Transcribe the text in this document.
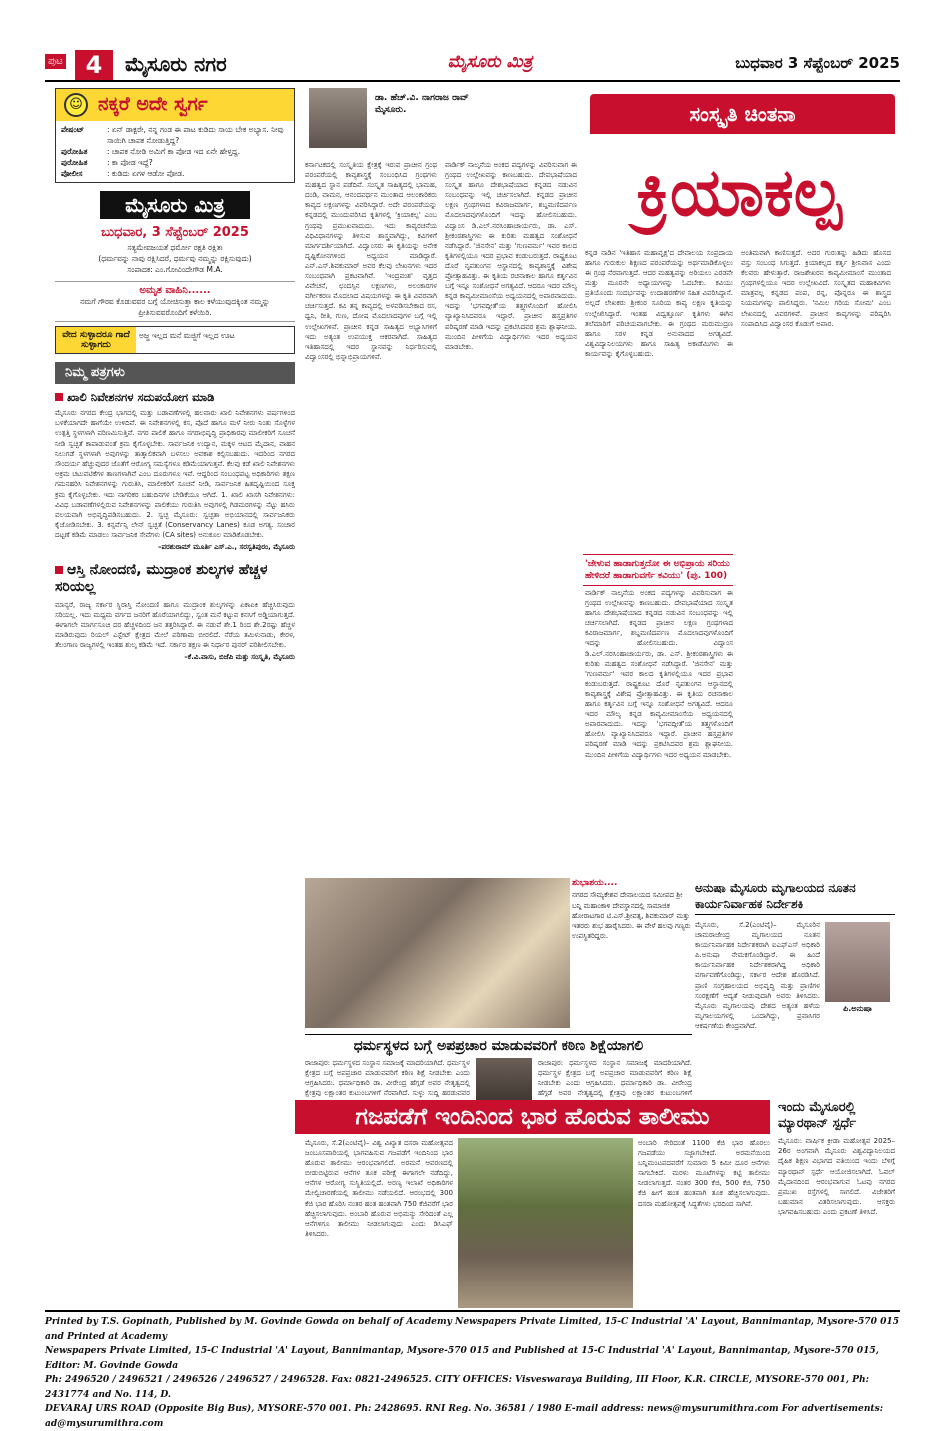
ಪುಟ 4	ಮೈಸೂರು ನಗರ	ಮೈಸೂರು ಮಿತ್ರ	ಬುಧವಾರ 3 ಸೆಪ್ಟೆಂಬರ್ 2025
☺ ನಕ್ಕರೆ ಅದೇ ಸ್ವರ್ಗ
ಪೇಷಂಟ್	: ಏನ್ ಡಾಕ್ಟರೇ, ನನ್ನ ಗಂಡ ಈ ಪಾಟ ಕುಡಿದು ಸಾಯ ಬೇಕ ಅಭ್ಯಾಸ. ನೀವು ಸಾಯಿಗಿ ಚಾಪಕ ನೋಡುತ್ತಿದ್ದ?
ಪುರೋಹಿತ	: ಚಾಪಕ ನೋಡಿ ಅಮಿಗೆ ಕಾ ಪೋಡ ಇದ ಏನೇ ಹೇಳ್ತದ್ದ.
ಪುರೋಹಿತ	: ಕಾ ಪೋಡ ಇದ್ದೆ?
ಪೋಲೀಸ	: ಕುಡಿದು ಏಗಳ ಆಡೋ ಪೋಡ.
ಮೈಸೂರು ಮಿತ್ರ
ಬುಧವಾರ, 3 ಸೆಪ್ಟೆಂಬರ್ 2025
ಸತ್ಯಮೇವಜಯತೆ ಧರ್ಮೋ ರಕ್ಷತಿ ರಕ್ಷಿತಃ
(ಧರ್ಮವನ್ನು ನಾವು ರಕ್ಷಿಸಿದರೆ, ಧರ್ಮವು ನಮ್ಮನ್ನು ರಕ್ಷಿಸುವುದು)
ಸಂಪಾದಕ: ಎಂ.ಗೋವಿಂದೇಗೌಡ M.A.
ಅಮೃತ ವಾಹಿನಿ......

ನಮಗೆ ಗೌರವ ಕೊಡುವವರ ಬಗ್ಗೆ ಯೋಚಿಸುತ್ತಾ ಕಾಲ ಕಳೆಯುವುದಕ್ಕಿಂತ ನಮ್ಮನ್ನು ಪ್ರೀತಿಸುವವರೊಂದಿಗೆ ಕಳೆಯಿರಿ.

ವೇದ ಸುಳ್ಳಾದರೂ ಗಾದೆ ಸುಳ್ಳಾಗದು
ಅಜ್ಜ ಇಲ್ಲದ ಮನೆ ಮಜ್ಜಿಗೆ ಇಲ್ಲದ ಊಟ
ನಿಮ್ಮ ಪತ್ರಗಳು
ಖಾಲಿ ನಿವೇಶನಗಳ ಸದುಪಯೋಗ ಮಾಡಿ
ಮೈಸೂರು ನಗರದ ಕೇಂದ್ರ ಭಾಗದಲ್ಲಿ ಮತ್ತು ಬಡಾವಣೆಗಳಲ್ಲಿ ಹಲವಾರು ಖಾಲಿ ನಿವೇಶನಗಳು ವರ್ಷಗಳಿಂದ ಬಳಕೆಯಾಗದೇ ಹಾಗೆಯೇ ಉಳಿದಿವೆ. ಈ ನಿವೇಶನಗಳಲ್ಲಿ ಕಸ, ಪೊದೆ ಹಾಗೂ ಮಳೆ ನೀರು ನಿಂತು ಸೊಳ್ಳೆಗಳ ಉತ್ಪತ್ತಿ ಸ್ಥಳಗಳಾಗಿ ಪರಿಣಮಿಸುತ್ತಿವೆ. ನಗರ ಪಾಲಿಕೆ ಹಾಗೂ ನಗರಾಭಿವೃದ್ಧಿ ಪ್ರಾಧಿಕಾರವು ಮಾಲೀಕರಿಗೆ ಸೂಚನೆ ನೀಡಿ ಸ್ವಚ್ಛತೆ ಕಾಪಾಡುವಂತೆ ಕ್ರಮ ಕೈಗೊಳ್ಳಬೇಕು. ಸಾರ್ವಜನಿಕ ಉದ್ಯಾನ, ಮಕ್ಕಳ ಆಟದ ಮೈದಾನ, ವಾಹನ ನಿಲುಗಡೆ ಸ್ಥಳಗಳಾಗಿ ಅವುಗಳನ್ನು ತಾತ್ಕಾಲಿಕವಾಗಿ ಬಳಸಲು ಅವಕಾಶ ಕಲ್ಪಿಸಬಹುದು. ಇದರಿಂದ ನಗರದ ಸೌಂದರ್ಯ ಹೆಚ್ಚುವುದರ ಜೊತೆಗೆ ಆರೋಗ್ಯ ಸಮಸ್ಯೆಗಳೂ ಕಡಿಮೆಯಾಗುತ್ತವೆ. ಕೆಲವು ಕಡೆ ಖಾಲಿ ನಿವೇಶನಗಳು ಅಕ್ರಮ ಚಟುವಟಿಕೆಗಳ ತಾಣಗಳಾಗಿವೆ ಎಂಬ ದೂರುಗಳೂ ಇವೆ. ಆದ್ದರಿಂದ ಸಂಬಂಧಪಟ್ಟ ಅಧಿಕಾರಿಗಳು ತಕ್ಷಣ ಗಮನಹರಿಸಿ ನಿವೇಶನಗಳನ್ನು ಗುರುತಿಸಿ, ಮಾಲೀಕರಿಗೆ ಸೂಚನೆ ನೀಡಿ, ಸಾರ್ವಜನಿಕ ಹಿತದೃಷ್ಟಿಯಿಂದ ಸೂಕ್ತ ಕ್ರಮ ಕೈಗೊಳ್ಳಬೇಕು. ಇದು ನಾಗರಿಕರ ಬಹುದಿನಗಳ ಬೇಡಿಕೆಯೂ ಆಗಿದೆ. 1. ಖಾಲಿ ಖಾಸಗಿ ನಿವೇಶನಗಳು: ವಿವಿಧ ಬಡಾವಣೆಗಳಲ್ಲಿರುವ ನಿವೇಶನಗಳನ್ನು ಪಾಲಿಕೆಯು ಗುರುತಿಸಿ ಅವುಗಳಲ್ಲಿ ಗಿಡಮರಗಳನ್ನು ನೆಟ್ಟು ಹಸಿರು ವಲಯವಾಗಿ ಅಭಿವೃದ್ಧಿಪಡಿಸಬಹುದು. 2. ಸ್ವಚ್ಛ ಮೈಸೂರು: ಸ್ವಚ್ಛತಾ ಅಭಿಯಾನದಲ್ಲಿ ಸಾರ್ವಜನಿಕರು ಕೈಜೋಡಿಸಬೇಕು. 3. ಕನ್ಸರ್ವೆನ್ಸಿ ಲೇನ್ ಸ್ವಚ್ಛತೆ (Conservancy Lanes) ಕೂಡ ಅಗತ್ಯ. ಸಂಚಾರ ದಟ್ಟಣೆ ಕಡಿಮೆ ಮಾಡಲು ಸಾರ್ವಜನಿಕ ಸೇವೆಗಳು (CA sites) ಅನುಕೂಲ ಮಾಡಿಕೊಡಬೇಕು.
–ಪರಶುರಾಮ್ ಮೂರ್ತಿ ಎಸ್.ಎ., ಸರಸ್ವತಿಪುರಂ, ಮೈಸೂರು
ಆಸ್ತಿ ನೋಂದಣಿ, ಮುದ್ರಾಂಕ ಶುಲ್ಕಗಳ ಹೆಚ್ಚಳ ಸರಿಯಲ್ಲ
ಮಾನ್ಯರೆ, ರಾಜ್ಯ ಸರ್ಕಾರ ಸ್ಥಿರಾಸ್ತಿ ನೋಂದಣಿ ಹಾಗೂ ಮುದ್ರಾಂಕ ಶುಲ್ಕಗಳನ್ನು ಏಕಾಏಕಿ ಹೆಚ್ಚಿಸಿರುವುದು ಸರಿಯಲ್ಲ. ಇದು ಮಧ್ಯಮ ವರ್ಗದ ಜನರಿಗೆ ಹೊರೆಯಾಗಲಿದ್ದು, ಸ್ವಂತ ಮನೆ ಕಟ್ಟುವ ಕನಸಿಗೆ ಅಡ್ಡಿಯಾಗುತ್ತದೆ. ಈಗಾಗಲೇ ಮಾರ್ಗಸೂಚಿ ದರ ಹೆಚ್ಚಳದಿಂದ ಜನ ತತ್ತರಿಸಿದ್ದಾರೆ. ಈ ನಡುವೆ ಶೇ.1 ರಿಂದ ಶೇ.2ರಷ್ಟು ಹೆಚ್ಚಳ ಮಾಡಿರುವುದು ರಿಯಲ್ ಎಸ್ಟೇಟ್ ಕ್ಷೇತ್ರದ ಮೇಲೆ ಪರಿಣಾಮ ಬೀರಲಿದೆ. ನೆರೆಯ ತಮಿಳುನಾಡು, ಕೇರಳ, ತೆಲಂಗಾಣ ರಾಜ್ಯಗಳಲ್ಲಿ ಇಂತಹ ಶುಲ್ಕ ಕಡಿಮೆ ಇದೆ. ಸರ್ಕಾರ ತಕ್ಷಣ ಈ ನಿರ್ಧಾರ ಪುನರ್ ಪರಿಶೀಲಿಸಬೇಕು.
–ಕೆ.ವಿ.ವಾಸು, ಬಿಜೆಪಿ ಮತ್ತು ಸಂಸ್ಕೃತಿ, ಮೈಸೂರು
ಡಾ. ಹೆಚ್.ವಿ. ನಾಗರಾಜ ರಾವ್
ಮೈಸೂರು.	ಸಂಸ್ಕೃತಿ ಚಿಂತನಾ
ಕ್ರಿಯಾಕಲ್ಪ
ಕರ್ನಾಟಕದಲ್ಲಿ ಸಂಸ್ಕೃತಿಯ ಕ್ಷೇತ್ರಕ್ಕೆ ಇರುವ ಪ್ರಾಚೀನ ಗ್ರಂಥ ಪರಂಪರೆಯಲ್ಲಿ ಕಾವ್ಯಶಾಸ್ತ್ರಕ್ಕೆ ಸಂಬಂಧಿಸಿದ ಗ್ರಂಥಗಳು ಮಹತ್ವದ ಸ್ಥಾನ ಪಡೆದಿವೆ. ಸಂಸ್ಕೃತ ಸಾಹಿತ್ಯದಲ್ಲಿ ಭಾಮಹ, ದಂಡಿ, ವಾಮನ, ಆನಂದವರ್ಧನ ಮುಂತಾದ ಆಲಂಕಾರಿಕರು ಕಾವ್ಯದ ಲಕ್ಷಣಗಳನ್ನು ವಿವರಿಸಿದ್ದಾರೆ. ಅದೇ ಪರಂಪರೆಯನ್ನು ಕನ್ನಡದಲ್ಲಿ ಮುಂದುವರಿಸಿದ ಕೃತಿಗಳಲ್ಲಿ 'ಕ್ರಿಯಾಕಲ್ಪ' ಎಂಬ ಗ್ರಂಥವು ಪ್ರಮುಖವಾದುದು. ಇದು ಕಾವ್ಯರಚನೆಯ ವಿಧಿವಿಧಾನಗಳನ್ನು ತಿಳಿಸುವ ಶಾಸ್ತ್ರವಾಗಿದ್ದು, ಕವಿಗಳಿಗೆ ಮಾರ್ಗದರ್ಶಿಯಾಗಿದೆ. ವಿದ್ವಾಂಸರು ಈ ಕೃತಿಯನ್ನು ಅನೇಕ ದೃಷ್ಟಿಕೋನಗಳಿಂದ ಅಧ್ಯಯನ ಮಾಡಿದ್ದಾರೆ. ಎನ್.ಎಸ್.ಶಿವಕುಮಾರ್ ಅವರ ಕೆಲವು ಲೇಖನಗಳು ಇದರ ಸಂಬಂಧವಾಗಿ ಪ್ರಕಟವಾಗಿವೆ. 'ಇಂದ್ರವಂಶ' ವೃತ್ತದ ವಿವೇಚನೆ, ಛಂದಸ್ಸಿನ ಲಕ್ಷಣಗಳು, ಅಲಂಕಾರಗಳ ವರ್ಗೀಕರಣ ಮೊದಲಾದ ವಿಷಯಗಳನ್ನು ಈ ಕೃತಿ ವಿವರವಾಗಿ ಚರ್ಚಿಸುತ್ತದೆ. ಕವಿ ತನ್ನ ಕಾವ್ಯದಲ್ಲಿ ಅಳವಡಿಸಬೇಕಾದ ರಸ, ಧ್ವನಿ, ರೀತಿ, ಗುಣ, ದೋಷ ಮೊದಲಾದವುಗಳ ಬಗ್ಗೆ ಇಲ್ಲಿ ಉಲ್ಲೇಖಗಳಿವೆ. ಪ್ರಾಚೀನ ಕನ್ನಡ ಸಾಹಿತ್ಯದ ಅಭ್ಯಾಸಿಗಳಿಗೆ ಇದು ಅತ್ಯಂತ ಉಪಯುಕ್ತ ಆಕರವಾಗಿದೆ. ಸಾಹಿತ್ಯದ ಇತಿಹಾಸದಲ್ಲಿ ಇದರ ಸ್ಥಾನವನ್ನು ನಿರ್ಧರಿಸುವಲ್ಲಿ ವಿದ್ವಾಂಸರಲ್ಲಿ ಭಿನ್ನಾಭಿಪ್ರಾಯಗಳಿವೆ.
ವಾರ್ಡಿಕ್ ನಾಲ್ಕನೆಯ ಅಂಕದ ಪದ್ಯಗಳನ್ನು ವಿವರಿಸುವಾಗ ಈ ಗ್ರಂಥದ ಉಲ್ಲೇಖವನ್ನು ಕಾಣಬಹುದು. ದೇವಭಾಷೆಯಾದ ಸಂಸ್ಕೃತ ಹಾಗೂ ದೇಶಭಾಷೆಯಾದ ಕನ್ನಡದ ನಡುವಿನ ಸಂಬಂಧವನ್ನು ಇಲ್ಲಿ ಚರ್ಚಿಸಲಾಗಿದೆ. ಕನ್ನಡದ ಪ್ರಾಚೀನ ಲಕ್ಷಣ ಗ್ರಂಥಗಳಾದ ಕವಿರಾಜಮಾರ್ಗ, ಶಬ್ದಮಣಿದರ್ಪಣ ಮೊದಲಾದವುಗಳೊಂದಿಗೆ ಇದನ್ನು ಹೋಲಿಸಬಹುದು. ವಿದ್ವಾಂಸ ಡಿ.ಎಲ್.ನರಸಿಂಹಾಚಾರ್ಯರು, ಡಾ. ಎಸ್. ಶ್ರೀಕಂಠಶಾಸ್ತ್ರಿಗಳು ಈ ಕುರಿತು ಮಹತ್ವದ ಸಂಶೋಧನೆ ನಡೆಸಿದ್ದಾರೆ. 'ಜಿನಸೇನ' ಮತ್ತು 'ಗುಣವರ್ಮ' ಇವರ ಕಾಲದ ಕೃತಿಗಳಲ್ಲಿಯೂ ಇದರ ಪ್ರಭಾವ ಕಂಡುಬರುತ್ತದೆ. ರಾಷ್ಟ್ರಕೂಟ ದೊರೆ ನೃಪತುಂಗನ ಆಸ್ಥಾನದಲ್ಲಿ ಕಾವ್ಯಶಾಸ್ತ್ರಕ್ಕೆ ವಿಶೇಷ ಪ್ರೋತ್ಸಾಹವಿತ್ತು. ಈ ಕೃತಿಯ ರಚನಾಕಾಲ ಹಾಗೂ ಕರ್ತೃವಿನ ಬಗ್ಗೆ ಇನ್ನೂ ಸಂಶೋಧನೆ ಅಗತ್ಯವಿದೆ. ಆದರೂ ಇದರ ಮೌಲ್ಯ ಕನ್ನಡ ಕಾವ್ಯಮೀಮಾಂಸೆಯ ಅಧ್ಯಯನದಲ್ಲಿ ಅಪಾರವಾದುದು. ಇದನ್ನು 'ಭಗವದ್ಗೀತೆ'ಯ ತತ್ತ್ವಗಳೊಂದಿಗೆ ಹೋಲಿಸಿ ವ್ಯಾಖ್ಯಾನಿಸಿದವರೂ ಇದ್ದಾರೆ. ಪ್ರಾಚೀನ ಹಸ್ತಪ್ರತಿಗಳ ಪರಿಷ್ಕರಣೆ ಮಾಡಿ ಇದನ್ನು ಪ್ರಕಟಿಸಿದವರ ಶ್ರಮ ಶ್ಲಾಘನೀಯ. ಮುಂದಿನ ಪೀಳಿಗೆಯ ವಿದ್ಯಾರ್ಥಿಗಳು ಇದರ ಅಧ್ಯಯನ ಮಾಡಬೇಕು.
ಕನ್ನಡ ನಾಡಿನ 'ಇತಿಹಾಸ ಮಹಾವೃಕ್ಷ'ದ ದೇವಾಲಯ ಸಂಪ್ರದಾಯ ಹಾಗೂ ಗುರುಕುಲ ಶಿಕ್ಷಣದ ಪರಂಪರೆಯನ್ನು ಅರ್ಥಮಾಡಿಕೊಳ್ಳಲು ಈ ಗ್ರಂಥ ನೆರವಾಗುತ್ತದೆ. ಆದರ ಮಹತ್ವವನ್ನು ಅರಿಯಲು ಎರಡನೇ ಮತ್ತು ಮೂರನೇ ಅಧ್ಯಾಯಗಳನ್ನು ಓದಬೇಕು. ಕವಿಯು ಪ್ರತಿಯೊಂದು ಸಂದರ್ಭವನ್ನು ಉದಾಹರಣೆಗಳ ಸಹಿತ ವಿವರಿಸಿದ್ದಾನೆ. ಅಲ್ಲದೆ ಲೇಖಕರು ಶ್ರೀಕಂಠ ಸೂರಿಯ ಕಾವ್ಯ ಲಕ್ಷಣ ಕೃತಿಯನ್ನು ಉಲ್ಲೇಖಿಸಿದ್ದಾರೆ. ಇಂತಹ ವಿದ್ವತ್ತೂರ್ಣ ಕೃತಿಗಳು ಈಗಿನ ತಲೆಮಾರಿಗೆ ಪರಿಚಯವಾಗಬೇಕು. ಈ ಗ್ರಂಥದ ಮರುಮುದ್ರಣ ಹಾಗೂ ಸರಳ ಕನ್ನಡ ಅನುವಾದದ ಅಗತ್ಯವಿದೆ. ವಿಶ್ವವಿದ್ಯಾನಿಲಯಗಳು ಹಾಗೂ ಸಾಹಿತ್ಯ ಅಕಾಡೆಮಿಗಳು ಈ ಕಾರ್ಯವನ್ನು ಕೈಗೊಳ್ಳಬಹುದು.
ಅಂತಿಮವಾಗಿ ಕಾಣಿಸುತ್ತದೆ. ಅದರ ಗುರುತನ್ನು ಹಿಡಿದು ಹೊಸದ ವಸ್ತು ಸಂಬಂಧ ಸಿಗುತ್ತದೆ. ಕ್ರಿಯಾಕಲ್ಪದ ಕರ್ತೃ ಶ್ರೀನಿವಾಸ ಎಂದು ಕೆಲವರು ಹೇಳುತ್ತಾರೆ. ರಾಜಶೇಖರನ ಕಾವ್ಯಮೀಮಾಂಸೆ ಮುಂತಾದ ಗ್ರಂಥಗಳಲ್ಲಿಯೂ ಇದರ ಉಲ್ಲೇಖವಿದೆ. ಸಂಸ್ಕೃತದ ಮಹಾಕವಿಗಳು ಮಾತ್ರವಲ್ಲ ಕನ್ನಡದ ಪಂಪ, ರನ್ನ, ಪೊನ್ನರೂ ಈ ಶಾಸ್ತ್ರದ ನಿಯಮಗಳನ್ನು ಪಾಲಿಸಿದ್ದರು. 'ನಮಿಲ ಗರಿಯ ಸೋಮ' ಎಂಬ ಲೇಖನದಲ್ಲಿ ವಿವರಗಳಿವೆ. ಪ್ರಾಚೀನ ಕಾವ್ಯಗಳನ್ನು ಪರಿಷ್ಕರಿಸಿ ಸಂಪಾದಿಸಿದ ವಿದ್ವಾಂಸರ ಕೊಡುಗೆ ಅಪಾರ.
'ಜೇಳುವ ಹಾಡಾಗುತ್ತದೋ ಈ ಅಭಿಪ್ರಾಯ ಸರಿಯು ಹೇಳಿದರೆ ಹಾಡಾಗುವರ್ಗೆ ಕವಿಯು' (ಪು. 100)
ವಾರ್ಡಿಕ್ ನಾಲ್ಕನೆಯ ಅಂಕದ ಪದ್ಯಗಳನ್ನು ವಿವರಿಸುವಾಗ ಈ ಗ್ರಂಥದ ಉಲ್ಲೇಖವನ್ನು ಕಾಣಬಹುದು. ದೇವಭಾಷೆಯಾದ ಸಂಸ್ಕೃತ ಹಾಗೂ ದೇಶಭಾಷೆಯಾದ ಕನ್ನಡದ ನಡುವಿನ ಸಂಬಂಧವನ್ನು ಇಲ್ಲಿ ಚರ್ಚಿಸಲಾಗಿದೆ. ಕನ್ನಡದ ಪ್ರಾಚೀನ ಲಕ್ಷಣ ಗ್ರಂಥಗಳಾದ ಕವಿರಾಜಮಾರ್ಗ, ಶಬ್ದಮಣಿದರ್ಪಣ ಮೊದಲಾದವುಗಳೊಂದಿಗೆ ಇದನ್ನು ಹೋಲಿಸಬಹುದು. ವಿದ್ವಾಂಸ ಡಿ.ಎಲ್.ನರಸಿಂಹಾಚಾರ್ಯರು, ಡಾ. ಎಸ್. ಶ್ರೀಕಂಠಶಾಸ್ತ್ರಿಗಳು ಈ ಕುರಿತು ಮಹತ್ವದ ಸಂಶೋಧನೆ ನಡೆಸಿದ್ದಾರೆ. 'ಜಿನಸೇನ' ಮತ್ತು 'ಗುಣವರ್ಮ' ಇವರ ಕಾಲದ ಕೃತಿಗಳಲ್ಲಿಯೂ ಇದರ ಪ್ರಭಾವ ಕಂಡುಬರುತ್ತದೆ. ರಾಷ್ಟ್ರಕೂಟ ದೊರೆ ನೃಪತುಂಗನ ಆಸ್ಥಾನದಲ್ಲಿ ಕಾವ್ಯಶಾಸ್ತ್ರಕ್ಕೆ ವಿಶೇಷ ಪ್ರೋತ್ಸಾಹವಿತ್ತು. ಈ ಕೃತಿಯ ರಚನಾಕಾಲ ಹಾಗೂ ಕರ್ತೃವಿನ ಬಗ್ಗೆ ಇನ್ನೂ ಸಂಶೋಧನೆ ಅಗತ್ಯವಿದೆ. ಆದರೂ ಇದರ ಮೌಲ್ಯ ಕನ್ನಡ ಕಾವ್ಯಮೀಮಾಂಸೆಯ ಅಧ್ಯಯನದಲ್ಲಿ ಅಪಾರವಾದುದು. ಇದನ್ನು 'ಭಗವದ್ಗೀತೆ'ಯ ತತ್ತ್ವಗಳೊಂದಿಗೆ ಹೋಲಿಸಿ ವ್ಯಾಖ್ಯಾನಿಸಿದವರೂ ಇದ್ದಾರೆ. ಪ್ರಾಚೀನ ಹಸ್ತಪ್ರತಿಗಳ ಪರಿಷ್ಕರಣೆ ಮಾಡಿ ಇದನ್ನು ಪ್ರಕಟಿಸಿದವರ ಶ್ರಮ ಶ್ಲಾಘನೀಯ. ಮುಂದಿನ ಪೀಳಿಗೆಯ ವಿದ್ಯಾರ್ಥಿಗಳು ಇದರ ಅಧ್ಯಯನ ಮಾಡಬೇಕು.
ಶುಭಾಶಯ....
ನಗರದ ಸೌಮ್ಯಕೇಶವ ದೇವಾಲಯದ ಸಮೀಪದ ಶ್ರೀ ಬನ್ನಿ ಮಹಾಂಕಾಳಿ ದೇವಸ್ಥಾನದಲ್ಲಿ ಸಾಮಾಜಿಕ ಹೋರಾಟಗಾರ ಟಿ.ಎಸ್.ಶ್ರೀವತ್ಸ, ಶಿವಕುಮಾರ್ ಮತ್ತು ಇತರರು ಶುಭ ಹಾರೈಸಿದರು. ಈ ವೇಳೆ ಹಲವು ಗಣ್ಯರು ಉಪಸ್ಥಿತರಿದ್ದರು.
ಧರ್ಮಸ್ಥಳದ ಬಗ್ಗೆ ಅಪಪ್ರಚಾರ ಮಾಡುವವರಿಗೆ ಕಠಿಣ ಶಿಕ್ಷೆಯಾಗಲಿ
ರಾಜಾಪುರ: ಧರ್ಮಸ್ಥಳದ ಸಂಸ್ಥಾನ ಸಮಾಜಕ್ಕೆ ಮಾದರಿಯಾಗಿದೆ. ಧರ್ಮಸ್ಥಳ ಕ್ಷೇತ್ರದ ಬಗ್ಗೆ ಅಪಪ್ರಚಾರ ಮಾಡುವವರಿಗೆ ಕಠಿಣ ಶಿಕ್ಷೆ ನೀಡಬೇಕು ಎಂದು ಆಗ್ರಹಿಸಿದರು. ಧರ್ಮಾಧಿಕಾರಿ ಡಾ. ವೀರೇಂದ್ರ ಹೆಗ್ಗಡೆ ಅವರ ನೇತೃತ್ವದಲ್ಲಿ ಕ್ಷೇತ್ರವು ಲಕ್ಷಾಂತರ ಕುಟುಂಬಗಳಿಗೆ ನೆರವಾಗಿದೆ. ಸುಳ್ಳು ಸುದ್ದಿ ಹರಡುವವರ
ರಾಜಾಪುರ: ಧರ್ಮಸ್ಥಳದ ಸಂಸ್ಥಾನ ಸಮಾಜಕ್ಕೆ ಮಾದರಿಯಾಗಿದೆ. ಧರ್ಮಸ್ಥಳ ಕ್ಷೇತ್ರದ ಬಗ್ಗೆ ಅಪಪ್ರಚಾರ ಮಾಡುವವರಿಗೆ ಕಠಿಣ ಶಿಕ್ಷೆ ನೀಡಬೇಕು ಎಂದು ಆಗ್ರಹಿಸಿದರು. ಧರ್ಮಾಧಿಕಾರಿ ಡಾ. ವೀರೇಂದ್ರ ಹೆಗ್ಗಡೆ ಅವರ ನೇತೃತ್ವದಲ್ಲಿ ಕ್ಷೇತ್ರವು ಲಕ್ಷಾಂತರ ಕುಟುಂಬಗಳಿಗೆ
ಗಜಪಡೆಗೆ ಇಂದಿನಿಂದ ಭಾರ ಹೊರುವ ತಾಲೀಮು
ಮೈಸೂರು, ಸೆ.2(ಎಂಟಿವೈ)– ವಿಶ್ವ ವಿಖ್ಯಾತ ದಸರಾ ಮಹೋತ್ಸವದ ಜಂಬೂಸವಾರಿಯಲ್ಲಿ ಭಾಗವಹಿಸುವ ಗಜಪಡೆಗೆ ಇಂದಿನಿಂದ ಭಾರ ಹೊರುವ ತಾಲೀಮು ಆರಂಭವಾಗಲಿದೆ. ಅರಮನೆ ಆವರಣದಲ್ಲಿ ಬೀಡುಬಿಟ್ಟಿರುವ ಆನೆಗಳ ತೂಕ ಪರೀಕ್ಷೆ ಈಗಾಗಲೇ ನಡೆದಿದ್ದು, ಆನೆಗಳ ಆರೋಗ್ಯ ಸುಸ್ಥಿತಿಯಲ್ಲಿದೆ. ಅರಣ್ಯ ಇಲಾಖೆ ಅಧಿಕಾರಿಗಳ ಮೇಲ್ವಿಚಾರಣೆಯಲ್ಲಿ ತಾಲೀಮು ನಡೆಯಲಿದೆ. ಆರಂಭದಲ್ಲಿ 300 ಕೆಜಿ ಭಾರ ಹೊರಿಸಿ ನಂತರ ಹಂತ ಹಂತವಾಗಿ 750 ಕೆಜಿವರೆಗೆ ಭಾರ ಹೆಚ್ಚಿಸಲಾಗುವುದು. ಅಂಬಾರಿ ಹೊರುವ ಅಭಿಮನ್ಯು ಸೇರಿದಂತೆ ಎಲ್ಲ ಆನೆಗಳಿಗೂ ತಾಲೀಮು ನೀಡಲಾಗುವುದು ಎಂದು ಡಿಸಿಎಫ್ ತಿಳಿಸಿದರು.
ಅಂಬಾರಿ ಸೇರಿದಂತೆ 1100 ಕೆಜಿ ಭಾರ ಹೊರಲು ಗಜಪಡೆಯು ಸಜ್ಜಾಗಬೇಕಿದೆ. ಅರಮನೆಯಿಂದ ಬನ್ನಿಮಂಟಪದವರೆಗೆ ಸುಮಾರು 5 ಕಿಮೀ ದೂರ ಆನೆಗಳು ಸಾಗಬೇಕಿದೆ. ಮರಳು ಮೂಟೆಗಳನ್ನು ಕಟ್ಟಿ ತಾಲೀಮು ನೀಡಲಾಗುತ್ತದೆ. ನಂತರ 300 ಕೆಜಿ, 500 ಕೆಜಿ, 750 ಕೆಜಿ ಹೀಗೆ ಹಂತ ಹಂತವಾಗಿ ತೂಕ ಹೆಚ್ಚಿಸಲಾಗುವುದು. ದಸರಾ ಮಹೋತ್ಸವಕ್ಕೆ ಸಿದ್ಧತೆಗಳು ಭರದಿಂದ ಸಾಗಿವೆ.
ಅನುಷಾ ಮೈಸೂರು ಮೃಗಾಲಯದ ನೂತನ ಕಾರ್ಯನಿರ್ವಾಹಕ ನಿರ್ದೇಶಕಿ
ಮೈಸೂರು, ಸೆ.2(ಎಂಟಿವೈ)– ಮೈಸೂರಿನ ಚಾಮರಾಜೇಂದ್ರ ಮೃಗಾಲಯದ ನೂತನ ಕಾರ್ಯನಿರ್ವಾಹಕ ನಿರ್ದೇಶಕರಾಗಿ ಐಎಫ್‌ಎಸ್ ಅಧಿಕಾರಿ ಪಿ.ಅನುಷಾ ನೇಮಕಗೊಂಡಿದ್ದಾರೆ. ಈ ಹಿಂದೆ ಕಾರ್ಯನಿರ್ವಾಹಕ ನಿರ್ದೇಶಕರಾಗಿದ್ದ ಅಧಿಕಾರಿ ವರ್ಗಾವಣೆಗೊಂಡಿದ್ದು, ಸರ್ಕಾರ ಆದೇಶ ಹೊರಡಿಸಿದೆ. ಪ್ರಾಣಿ ಸಂಗ್ರಹಾಲಯದ ಅಭಿವೃದ್ಧಿ ಮತ್ತು ಪ್ರಾಣಿಗಳ ಸಂರಕ್ಷಣೆಗೆ ಆದ್ಯತೆ ನೀಡುವುದಾಗಿ ಅವರು ತಿಳಿಸಿದರು. ಮೈಸೂರು ಮೃಗಾಲಯವು ದೇಶದ ಅತ್ಯಂತ ಹಳೆಯ ಮೃಗಾಲಯಗಳಲ್ಲಿ ಒಂದಾಗಿದ್ದು, ಪ್ರವಾಸಿಗರ ಆಕರ್ಷಣೆಯ ಕೇಂದ್ರವಾಗಿದೆ.
ಪಿ.ಅನುಷಾ
ಇಂದು ಮೈಸೂರಲ್ಲಿ ಮ್ಯಾರಥಾನ್ ಸ್ಪರ್ಧೆ
ಮೈಸೂರು: ವಾರ್ಷಿಕ ಕ್ರೀಡಾ ಮಹೋತ್ಸವ 2025–26ರ ಅಂಗವಾಗಿ ಮೈಸೂರು ವಿಶ್ವವಿದ್ಯಾನಿಲಯದ ದೈಹಿಕ ಶಿಕ್ಷಣ ವಿಭಾಗದ ವತಿಯಿಂದ ಇಂದು ಬೆಳಿಗ್ಗೆ ಮ್ಯಾರಥಾನ್ ಸ್ಪರ್ಧೆ ಆಯೋಜಿಸಲಾಗಿದೆ. ಓವಲ್ ಮೈದಾನದಿಂದ ಆರಂಭವಾಗುವ ಓಟವು ನಗರದ ಪ್ರಮುಖ ರಸ್ತೆಗಳಲ್ಲಿ ಸಾಗಲಿದೆ. ವಿಜೇತರಿಗೆ ಬಹುಮಾನ ವಿತರಿಸಲಾಗುವುದು. ಆಸಕ್ತರು ಭಾಗವಹಿಸಬಹುದು ಎಂದು ಪ್ರಕಟಣೆ ತಿಳಿಸಿದೆ.
Printed by T.S. Gopinath, Published by M. Govinde Gowda on behalf of Academy Newspapers Private Limited, 15-C Industrial 'A' Layout, Bannimantap, Mysore-570 015 and Printed at Academy
Newspapers Private Limited, 15-C Industrial 'A' Layout, Bannimantap, Mysore-570 015 and Published at 15-C Industrial 'A' Layout, Bannimantap, Mysore-570 015, Editor: M. Govinde Gowda
Ph: 2496520 / 2496521 / 2496526 / 2496527 / 2496528. Fax: 0821-2496525. CITY OFFICES: Visveswaraya Building, III Floor, K.R. CIRCLE, MYSORE-570 001, Ph: 2431774 and No. 114, D.
DEVARAJ URS ROAD (Opposite Big Bus), MYSORE-570 001. Ph: 2428695. RNI Reg. No. 36581 / 1980 E-mail address: news@mysurumithra.com For advertisements: ad@mysurumithra.com
